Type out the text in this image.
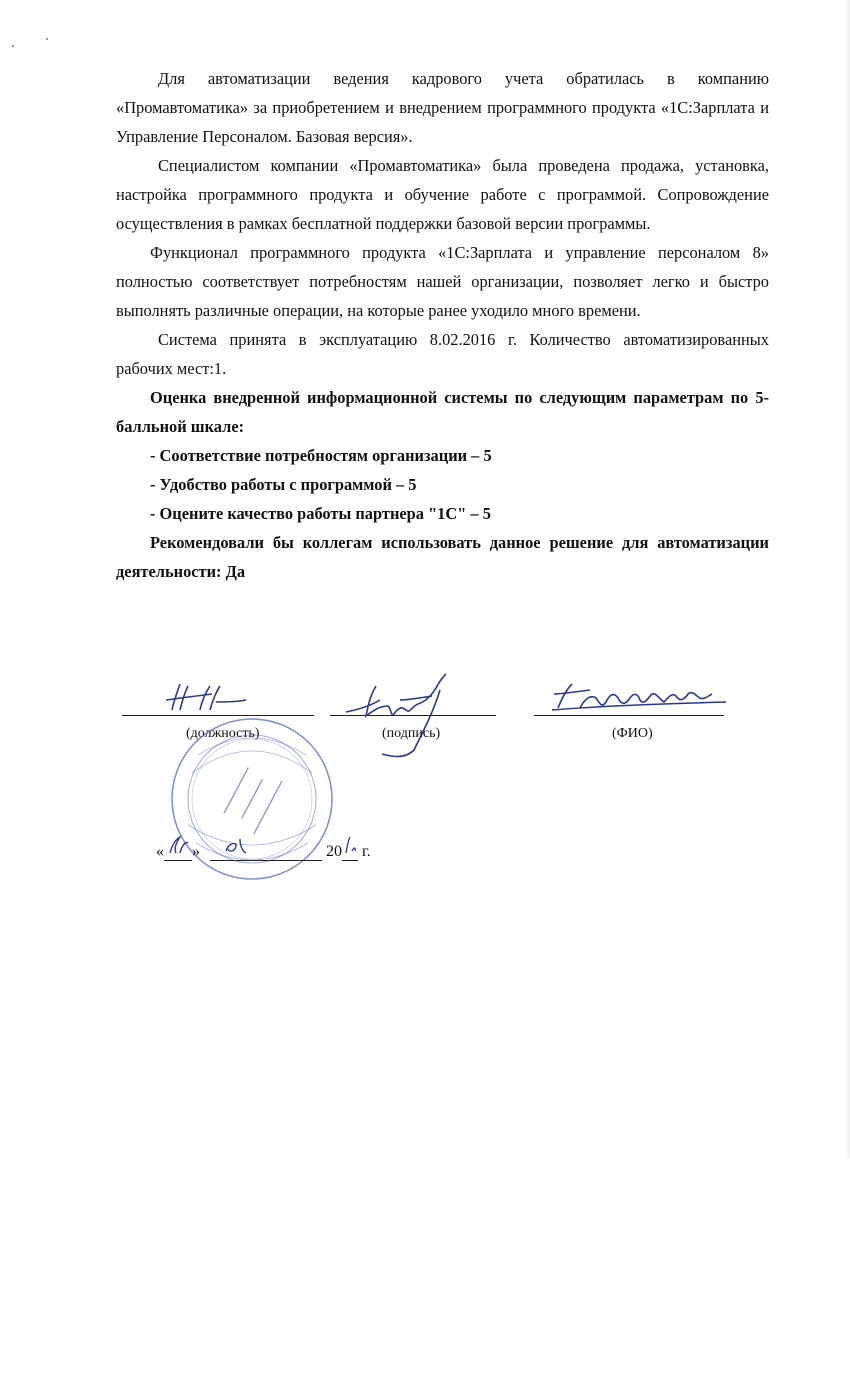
Для автоматизации ведения кадрового учета обратилась в компанию «Промавтоматика» за приобретением и внедрением программного продукта «1С:Зарплата и Управление Персоналом. Базовая версия».

Специалистом компании «Промавтоматика» была проведена продажа, установка, настройка программного продукта и обучение работе с программой. Сопровождение осуществления в рамках бесплатной поддержки базовой версии программы.

Функционал программного продукта «1С:Зарплата и управление персоналом 8» полностью соответствует потребностям нашей организации, позволяет легко и быстро выполнять различные операции, на которые ранее уходило много времени.

Система принята в эксплуатацию 8.02.2016 г. Количество автоматизированных рабочих мест:1.

Оценка внедренной информационной системы по следующим параметрам по 5-балльной шкале:

- Соответствие потребностям организации – 5

- Удобство работы с программой – 5

- Оцените качество работы партнера "1С" – 5

Рекомендовали бы коллегам использовать данное решение для автоматизации деятельности: Да

(должность)	(подпись)	(ФИО)
« »	20 г.
